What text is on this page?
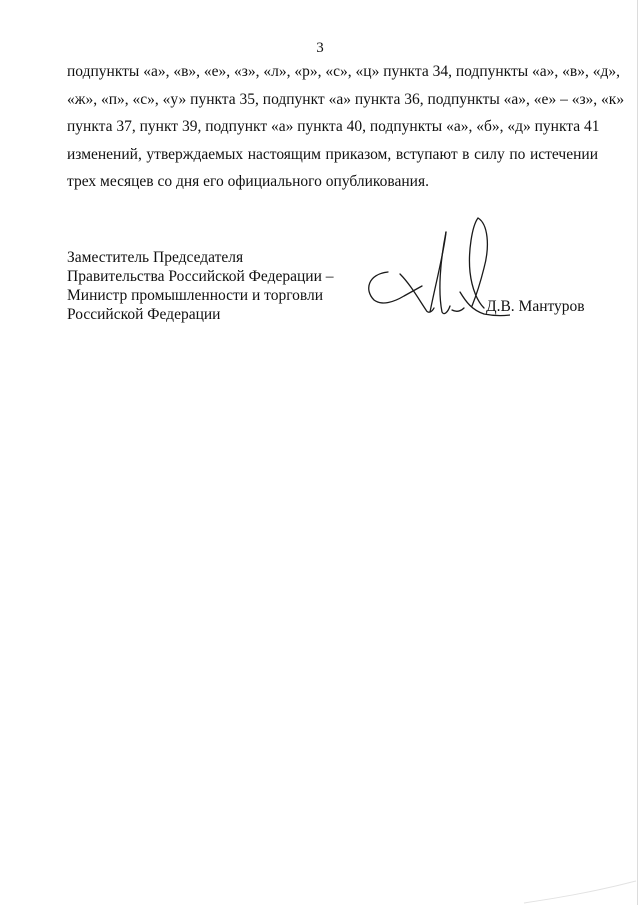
3
подпункты «а», «в», «е», «з», «л», «р», «с», «ц» пункта 34, подпункты «а», «в», «д»,
«ж», «п», «с», «у» пункта 35, подпункт «а» пункта 36, подпункты «а», «е» – «з», «к»
пункта 37, пункт 39, подпункт «а» пункта 40, подпункты «а», «б», «д» пункта 41
изменений, утверждаемых настоящим приказом, вступают в силу по истечении
трех месяцев со дня его официального опубликования.
Заместитель Председателя
Правительства Российской Федерации –
Министр промышленности и торговли
Российской Федерации	Д.В. Мантуров
